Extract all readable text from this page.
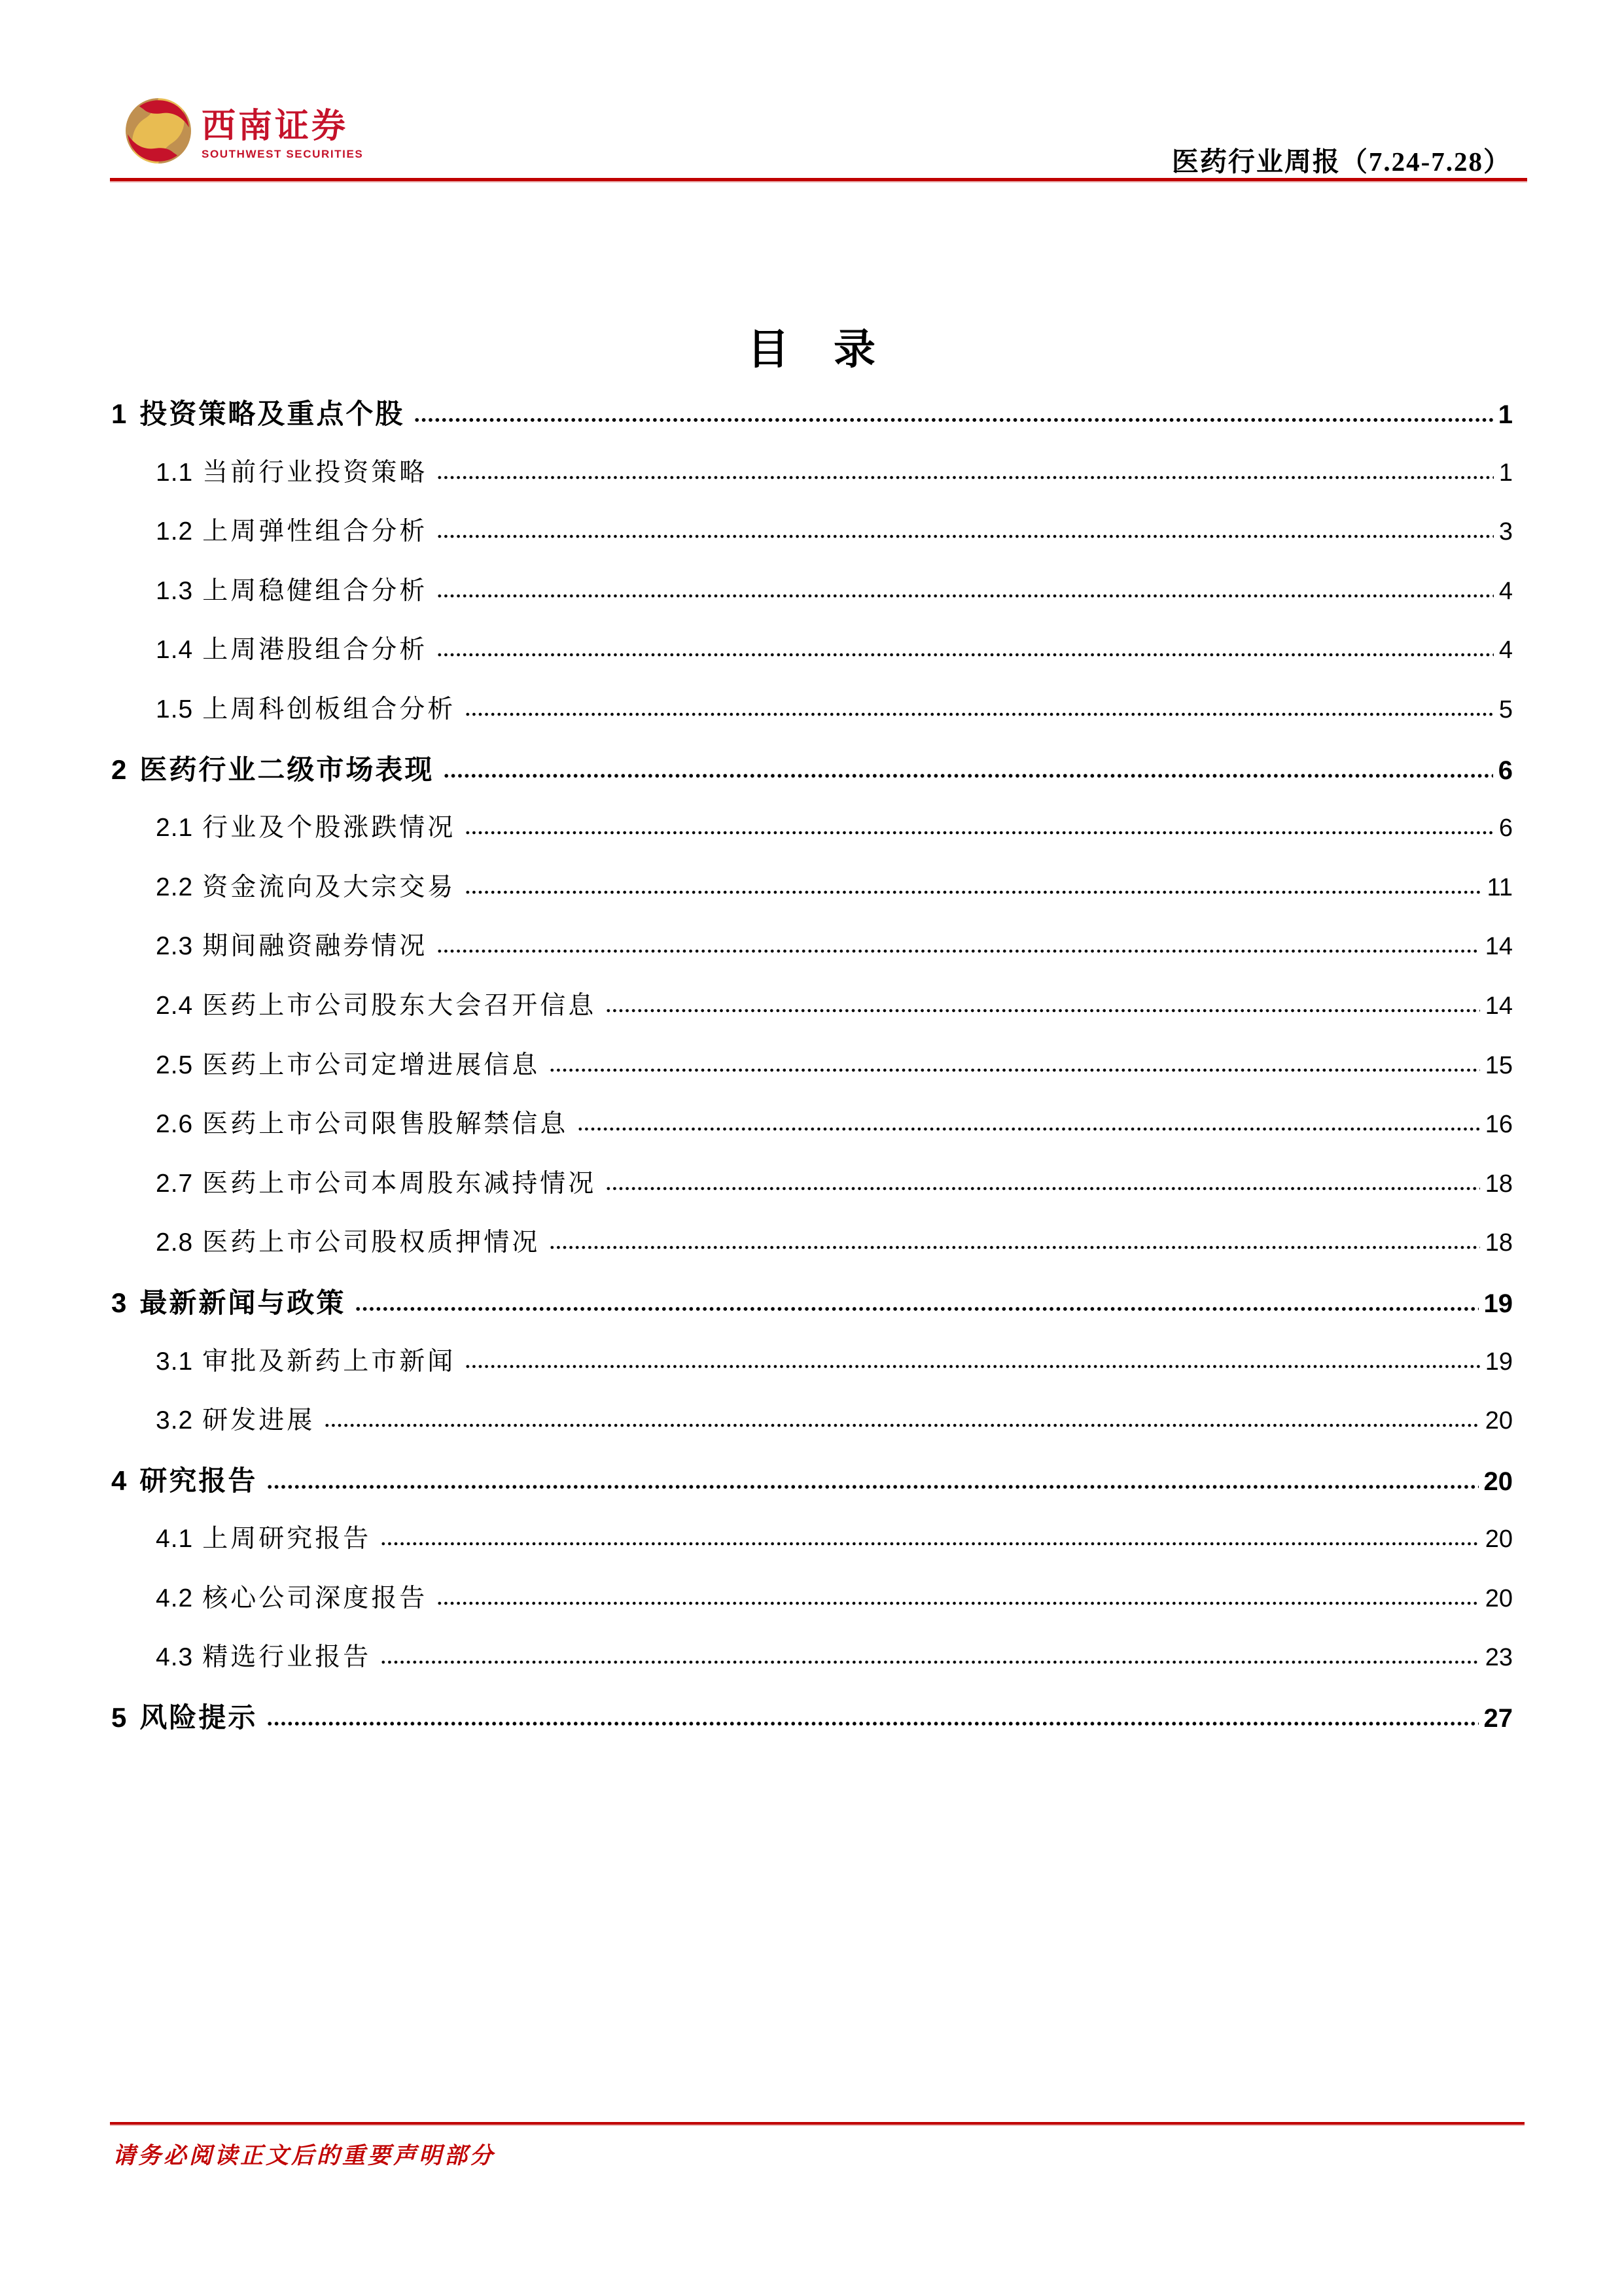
西南证券
SOUTHWEST SECURITIES	医药行业周报（7.24-7.28）
目　录
1 投资策略及重点个股	1
1.1 当前行业投资策略	1
1.2 上周弹性组合分析	3
1.3 上周稳健组合分析	4
1.4 上周港股组合分析	4
1.5 上周科创板组合分析	5
2 医药行业二级市场表现	6
2.1 行业及个股涨跌情况	6
2.2 资金流向及大宗交易	11
2.3 期间融资融券情况	14
2.4 医药上市公司股东大会召开信息	14
2.5 医药上市公司定增进展信息	15
2.6 医药上市公司限售股解禁信息	16
2.7 医药上市公司本周股东减持情况	18
2.8 医药上市公司股权质押情况	18
3 最新新闻与政策	19
3.1 审批及新药上市新闻	19
3.2 研发进展	20
4 研究报告	20
4.1 上周研究报告	20
4.2 核心公司深度报告	20
4.3 精选行业报告	23
5 风险提示	27
请务必阅读正文后的重要声明部分
